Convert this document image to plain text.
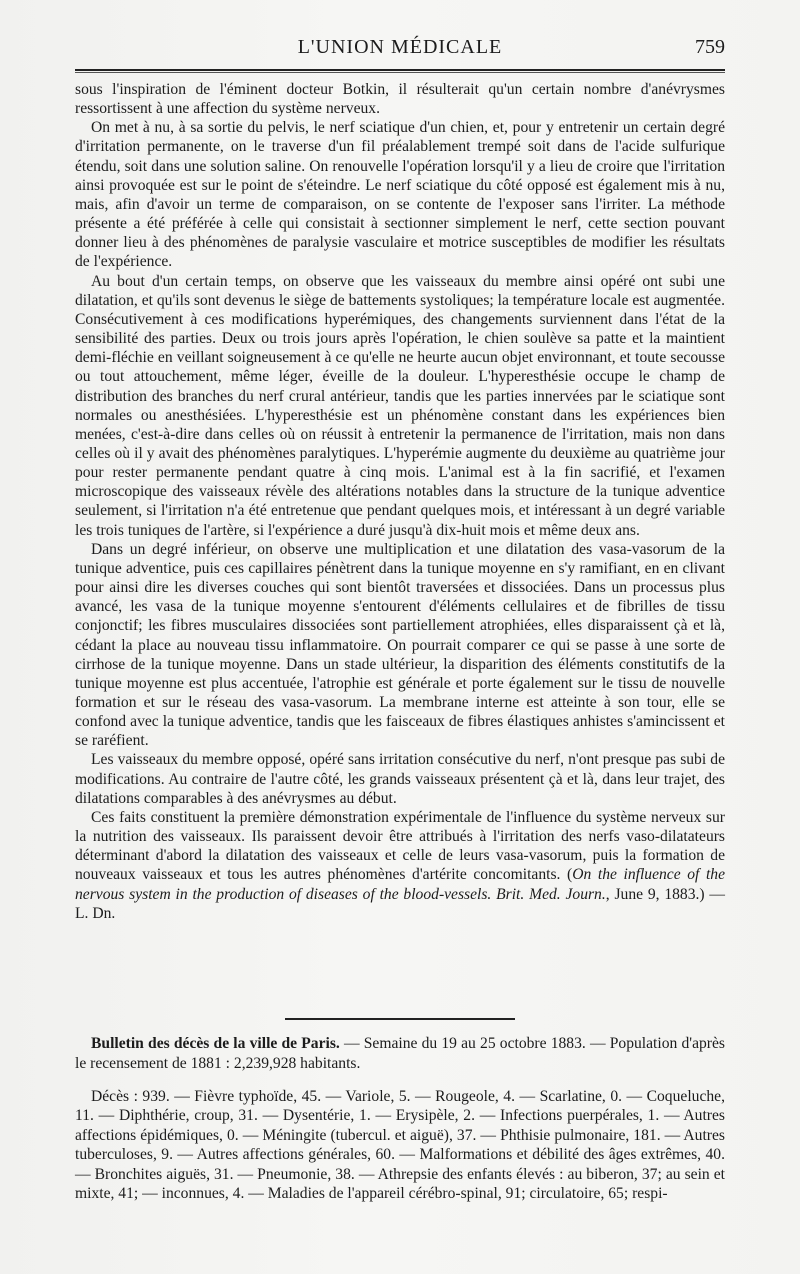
L'UNION MÉDICALE	759

sous l'inspiration de l'éminent docteur Botkin, il résulterait qu'un certain nombre d'anévrysmes ressortissent à une affection du système nerveux.

On met à nu, à sa sortie du pelvis, le nerf sciatique d'un chien, et, pour y entretenir un certain degré d'irritation permanente, on le traverse d'un fil préalablement trempé soit dans de l'acide sulfurique étendu, soit dans une solution saline. On renouvelle l'opération lorsqu'il y a lieu de croire que l'irritation ainsi provoquée est sur le point de s'éteindre. Le nerf sciatique du côté opposé est également mis à nu, mais, afin d'avoir un terme de comparaison, on se contente de l'exposer sans l'irriter. La méthode présente a été préférée à celle qui consistait à sectionner simplement le nerf, cette section pouvant donner lieu à des phénomènes de paralysie vasculaire et motrice susceptibles de modifier les résultats de l'expérience.

Au bout d'un certain temps, on observe que les vaisseaux du membre ainsi opéré ont subi une dilatation, et qu'ils sont devenus le siège de battements systoliques; la température locale est augmentée. Consécutivement à ces modifications hyperémiques, des changements surviennent dans l'état de la sensibilité des parties. Deux ou trois jours après l'opération, le chien soulève sa patte et la maintient demi-fléchie en veillant soigneusement à ce qu'elle ne heurte aucun objet environnant, et toute secousse ou tout attouchement, même léger, éveille de la douleur. L'hyperesthésie occupe le champ de distribution des branches du nerf crural antérieur, tandis que les parties innervées par le sciatique sont normales ou anesthésiées. L'hyperesthésie est un phénomène constant dans les expériences bien menées, c'est-à-dire dans celles où on réussit à entretenir la permanence de l'irritation, mais non dans celles où il y avait des phénomènes paralytiques. L'hyperémie augmente du deuxième au quatrième jour pour rester permanente pendant quatre à cinq mois. L'animal est à la fin sacrifié, et l'examen microscopique des vaisseaux révèle des altérations notables dans la structure de la tunique adventice seulement, si l'irritation n'a été entretenue que pendant quelques mois, et intéressant à un degré variable les trois tuniques de l'artère, si l'expérience a duré jusqu'à dix-huit mois et même deux ans.

Dans un degré inférieur, on observe une multiplication et une dilatation des vasa-vasorum de la tunique adventice, puis ces capillaires pénètrent dans la tunique moyenne en s'y ramifiant, en en clivant pour ainsi dire les diverses couches qui sont bientôt traversées et dissociées. Dans un processus plus avancé, les vasa de la tunique moyenne s'entourent d'éléments cellulaires et de fibrilles de tissu conjonctif; les fibres musculaires dissociées sont partiellement atrophiées, elles disparaissent çà et là, cédant la place au nouveau tissu inflammatoire. On pourrait comparer ce qui se passe à une sorte de cirrhose de la tunique moyenne. Dans un stade ultérieur, la disparition des éléments constitutifs de la tunique moyenne est plus accentuée, l'atrophie est générale et porte également sur le tissu de nouvelle formation et sur le réseau des vasa-vasorum. La membrane interne est atteinte à son tour, elle se confond avec la tunique adventice, tandis que les faisceaux de fibres élastiques anhistes s'amincissent et se raréfient.

Les vaisseaux du membre opposé, opéré sans irritation consécutive du nerf, n'ont presque pas subi de modifications. Au contraire de l'autre côté, les grands vaisseaux présentent çà et là, dans leur trajet, des dilatations comparables à des anévrysmes au début.

Ces faits constituent la première démonstration expérimentale de l'influence du système nerveux sur la nutrition des vaisseaux. Ils paraissent devoir être attribués à l'irritation des nerfs vaso-dilatateurs déterminant d'abord la dilatation des vaisseaux et celle de leurs vasa-vasorum, puis la formation de nouveaux vaisseaux et tous les autres phénomènes d'artérite concomitants. (On the influence of the nervous system in the production of diseases of the blood-vessels. Brit. Med. Journ., June 9, 1883.) — L. Dn.

Bulletin des décès de la ville de Paris. — Semaine du 19 au 25 octobre 1883. — Population d'après le recensement de 1881 : 2,239,928 habitants.

Décès : 939. — Fièvre typhoïde, 45. — Variole, 5. — Rougeole, 4. — Scarlatine, 0. — Coqueluche, 11. — Diphthérie, croup, 31. — Dysentérie, 1. — Erysipèle, 2. — Infections puerpérales, 1. — Autres affections épidémiques, 0. — Méningite (tubercul. et aiguë), 37. — Phthisie pulmonaire, 181. — Autres tuberculoses, 9. — Autres affections générales, 60. — Malformations et débilité des âges extrêmes, 40. — Bronchites aiguës, 31. — Pneumonie, 38. — Athrepsie des enfants élevés : au biberon, 37; au sein et mixte, 41; — inconnues, 4. — Maladies de l'appareil cérébro-spinal, 91; circulatoire, 65; respi-
